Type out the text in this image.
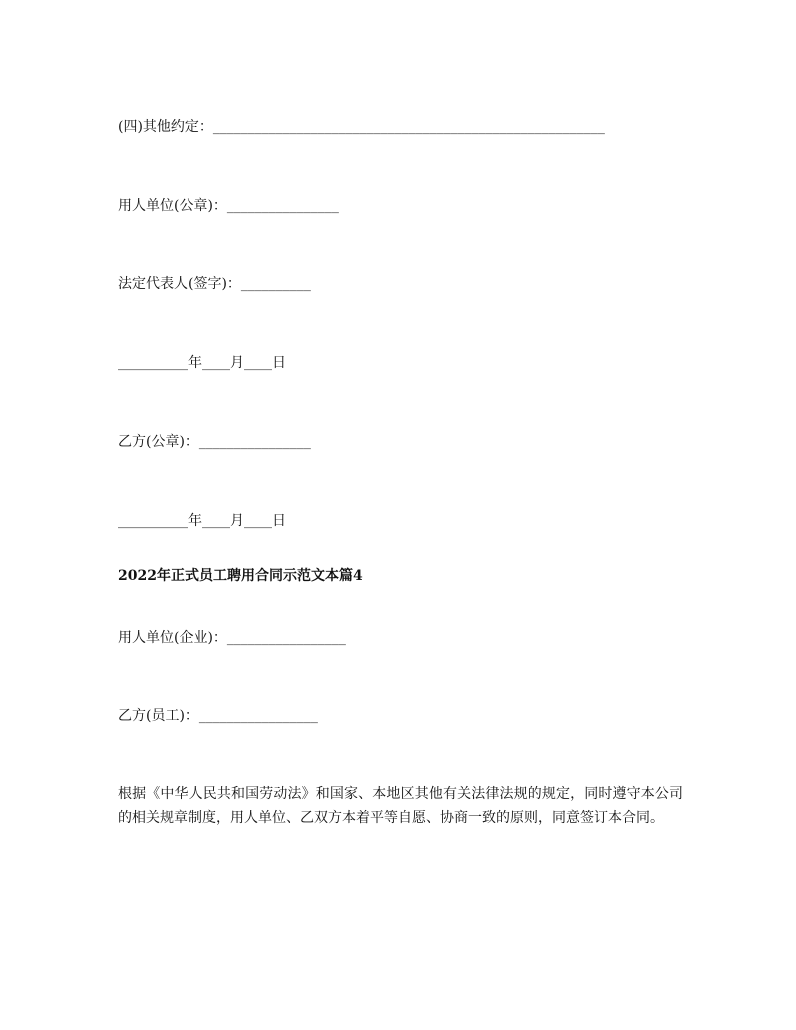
(四)其他约定：________________________________________________________
用人单位(公章)：________________
法定代表人(签字)：__________
__________年____月____日
乙方(公章)：________________
__________年____月____日
2022年正式员工聘用合同示范文本篇4
用人单位(企业)：_________________
乙方(员工)：_________________
根据《中华人民共和国劳动法》和国家、本地区其他有关法律法规的规定，同时遵守本公司的相关规章制度，用人单位、乙双方本着平等自愿、协商一致的原则，同意签订本合同。
